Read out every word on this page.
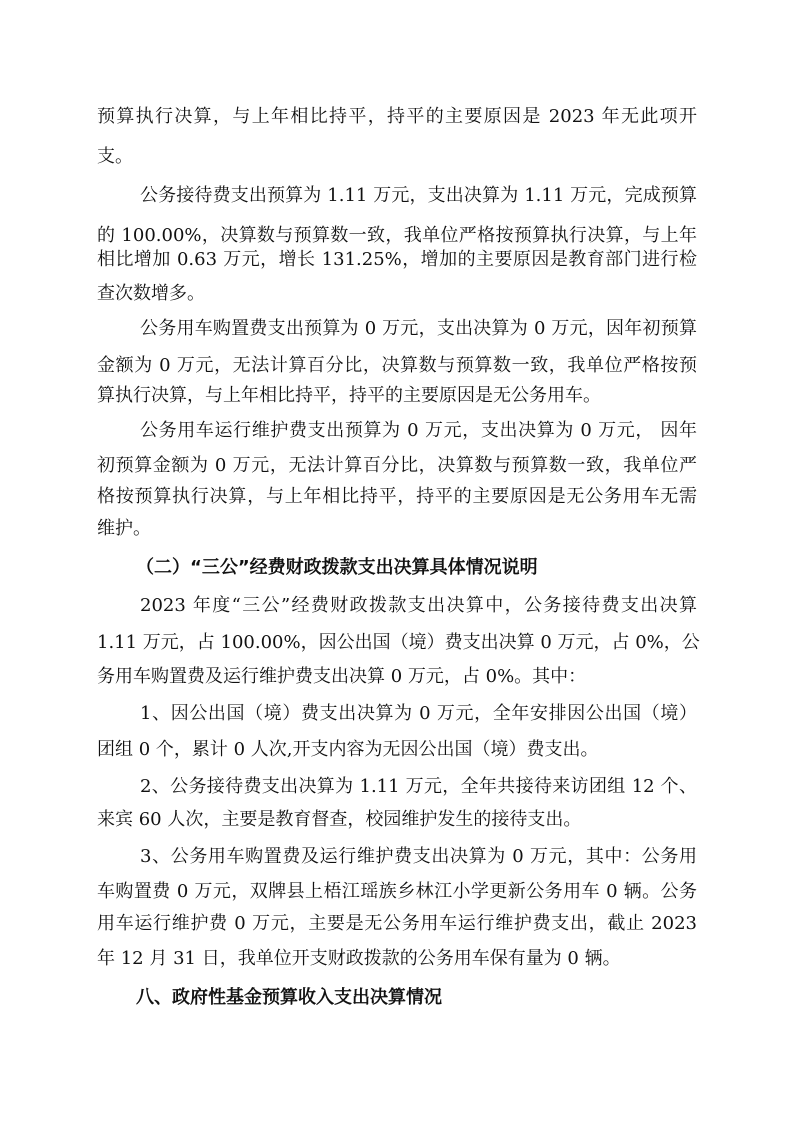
预算执行决算，与上年相比持平，持平的主要原因是 2023 年无此项开
支。
公务接待费支出预算为 1.11 万元，支出决算为 1.11 万元，完成预算
的 100.00%，决算数与预算数一致，我单位严格按预算执行决算，与上年
相比增加 0.63 万元，增长 131.25%，增加的主要原因是教育部门进行检
查次数增多。
公务用车购置费支出预算为 0 万元，支出决算为 0 万元，因年初预算
金额为 0 万元，无法计算百分比，决算数与预算数一致，我单位严格按预
算执行决算，与上年相比持平，持平的主要原因是无公务用车。
公务用车运行维护费支出预算为 0 万元，支出决算为 0 万元， 因年
初预算金额为 0 万元，无法计算百分比，决算数与预算数一致，我单位严
格按预算执行决算，与上年相比持平，持平的主要原因是无公务用车无需
维护。
（二）“三公”经费财政拨款支出决算具体情况说明
2023 年度“三公”经费财政拨款支出决算中，公务接待费支出决算
1.11 万元，占 100.00%，因公出国（境）费支出决算 0 万元，占 0%，公
务用车购置费及运行维护费支出决算 0 万元，占 0%。其中：
1、因公出国（境）费支出决算为 0 万元，全年安排因公出国（境）
团组 0 个，累计 0 人次,开支内容为无因公出国（境）费支出。
2、公务接待费支出决算为 1.11 万元，全年共接待来访团组 12 个、
来宾 60 人次，主要是教育督查，校园维护发生的接待支出。
3、公务用车购置费及运行维护费支出决算为 0 万元，其中：公务用
车购置费 0 万元，双牌县上梧江瑶族乡林江小学更新公务用车 0 辆。公务
用车运行维护费 0 万元，主要是无公务用车运行维护费支出，截止 2023
年 12 月 31 日，我单位开支财政拨款的公务用车保有量为 0 辆。
八、政府性基金预算收入支出决算情况
